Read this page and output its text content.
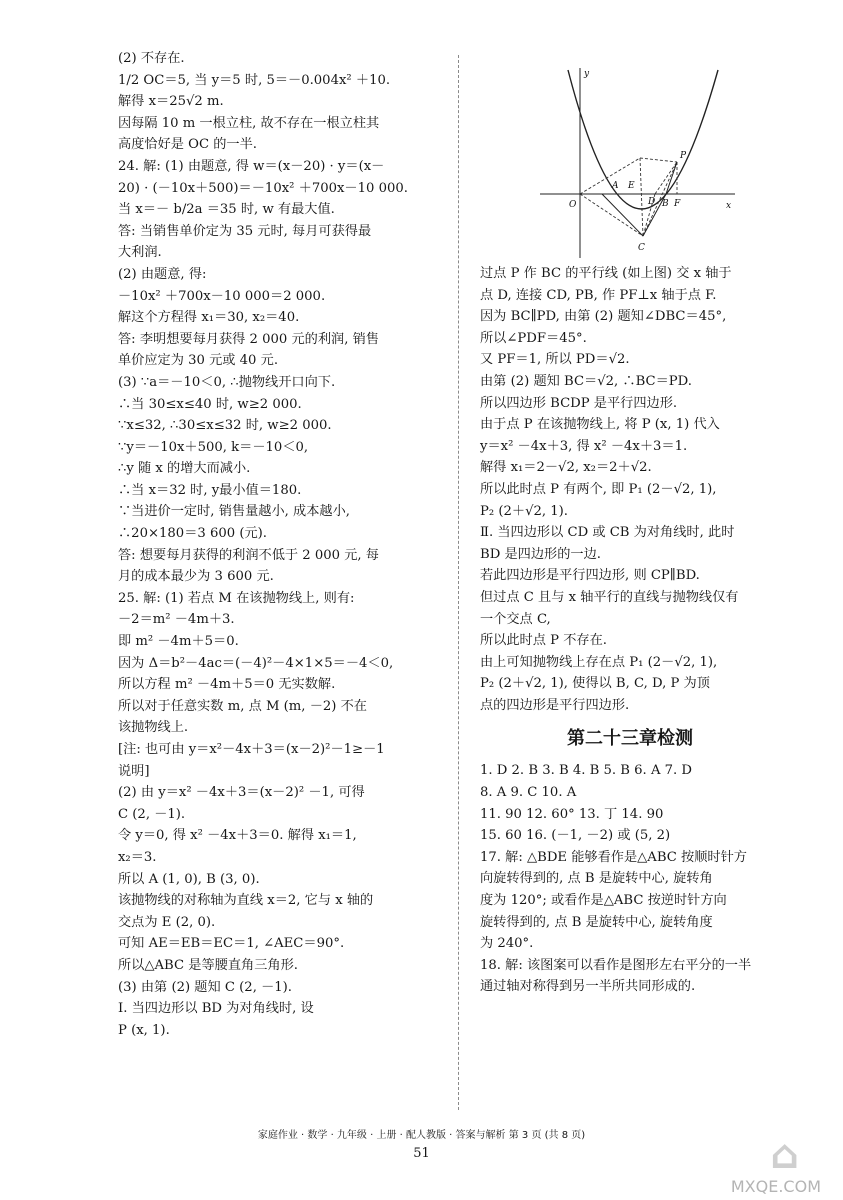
(2) 不存在.
1/2 OC＝5, 当 y＝5 时, 5＝－0.004x² ＋10.
解得 x＝25√2 m.
因每隔 10 m 一根立柱, 故不存在一根立柱其
高度恰好是 OC 的一半.
24. 解: (1) 由题意, 得 w＝(x－20) · y＝(x－
20) · (－10x＋500)＝－10x² ＋700x－10 000.
当 x＝－ b/2a ＝35 时, w 有最大值.
答: 当销售单价定为 35 元时, 每月可获得最
大利润.
(2) 由题意, 得:
－10x² ＋700x－10 000＝2 000.
解这个方程得 x₁＝30, x₂＝40.
答: 李明想要每月获得 2 000 元的利润, 销售
单价应定为 30 元或 40 元.
(3) ∵a＝－10＜0, ∴抛物线开口向下.
∴当 30≤x≤40 时, w≥2 000.
∵x≤32, ∴30≤x≤32 时, w≥2 000.
∵y＝－10x＋500, k＝－10＜0,
∴y 随 x 的增大而减小.
∴当 x＝32 时, y最小值＝180.
∵当进价一定时, 销售量越小, 成本越小,
∴20×180＝3 600 (元).
答: 想要每月获得的利润不低于 2 000 元, 每
月的成本最少为 3 600 元.
25. 解: (1) 若点 M 在该抛物线上, 则有:
－2＝m² －4m＋3.
即 m² －4m＋5＝0.
因为 Δ＝b²－4ac＝(－4)²－4×1×5＝－4＜0,
所以方程 m² －4m＋5＝0 无实数解.
所以对于任意实数 m, 点 M (m, －2) 不在
该抛物线上.
[注: 也可由 y＝x²－4x＋3＝(x－2)²－1≥－1
说明]
(2) 由 y＝x² －4x＋3＝(x－2)² －1, 可得
C (2, －1).
令 y＝0, 得 x² －4x＋3＝0. 解得 x₁＝1,
x₂＝3.
所以 A (1, 0), B (3, 0).
该抛物线的对称轴为直线 x＝2, 它与 x 轴的
交点为 E (2, 0).
可知 AE＝EB＝EC＝1, ∠AEC＝90°.
所以△ABC 是等腰直角三角形.
(3) 由第 (2) 题知 C (2, －1).
Ⅰ. 当四边形以 BD 为对角线时, 设
P (x, 1).
y
O	x
A E
D B F
P
C
过点 P 作 BC 的平行线 (如上图) 交 x 轴于
点 D, 连接 CD, PB, 作 PF⊥x 轴于点 F.
因为 BC∥PD, 由第 (2) 题知∠DBC＝45°,
所以∠PDF＝45°.
又 PF＝1, 所以 PD＝√2.
由第 (2) 题知 BC＝√2, ∴BC＝PD.
所以四边形 BCDP 是平行四边形.
由于点 P 在该抛物线上, 将 P (x, 1) 代入
y＝x² －4x＋3, 得 x² －4x＋3＝1.
解得 x₁＝2－√2, x₂＝2＋√2.
所以此时点 P 有两个, 即 P₁ (2－√2, 1),
P₂ (2＋√2, 1).
Ⅱ. 当四边形以 CD 或 CB 为对角线时, 此时
BD 是四边形的一边.
若此四边形是平行四边形, 则 CP∥BD.
但过点 C 且与 x 轴平行的直线与抛物线仅有
一个交点 C,
所以此时点 P 不存在.
由上可知抛物线上存在点 P₁ (2－√2, 1),
P₂ (2＋√2, 1), 使得以 B, C, D, P 为顶
点的四边形是平行四边形.
第二十三章检测
1. D 2. B 3. B 4. B 5. B 6. A 7. D
8. A 9. C 10. A
11. 90 12. 60° 13. 丁 14. 90
15. 60 16. (－1, －2) 或 (5, 2)
17. 解: △BDE 能够看作是△ABC 按顺时针方
向旋转得到的, 点 B 是旋转中心, 旋转角
度为 120°; 或看作是△ABC 按逆时针方向
旋转得到的, 点 B 是旋转中心, 旋转角度
为 240°.
18. 解: 该图案可以看作是图形左右平分的一半
通过轴对称得到另一半所共同形成的.
家庭作业 · 数学 · 九年级 · 上册 · 配人教版 · 答案与解析 第 3 页 (共 8 页)
51	⌂
MXQE.COM
